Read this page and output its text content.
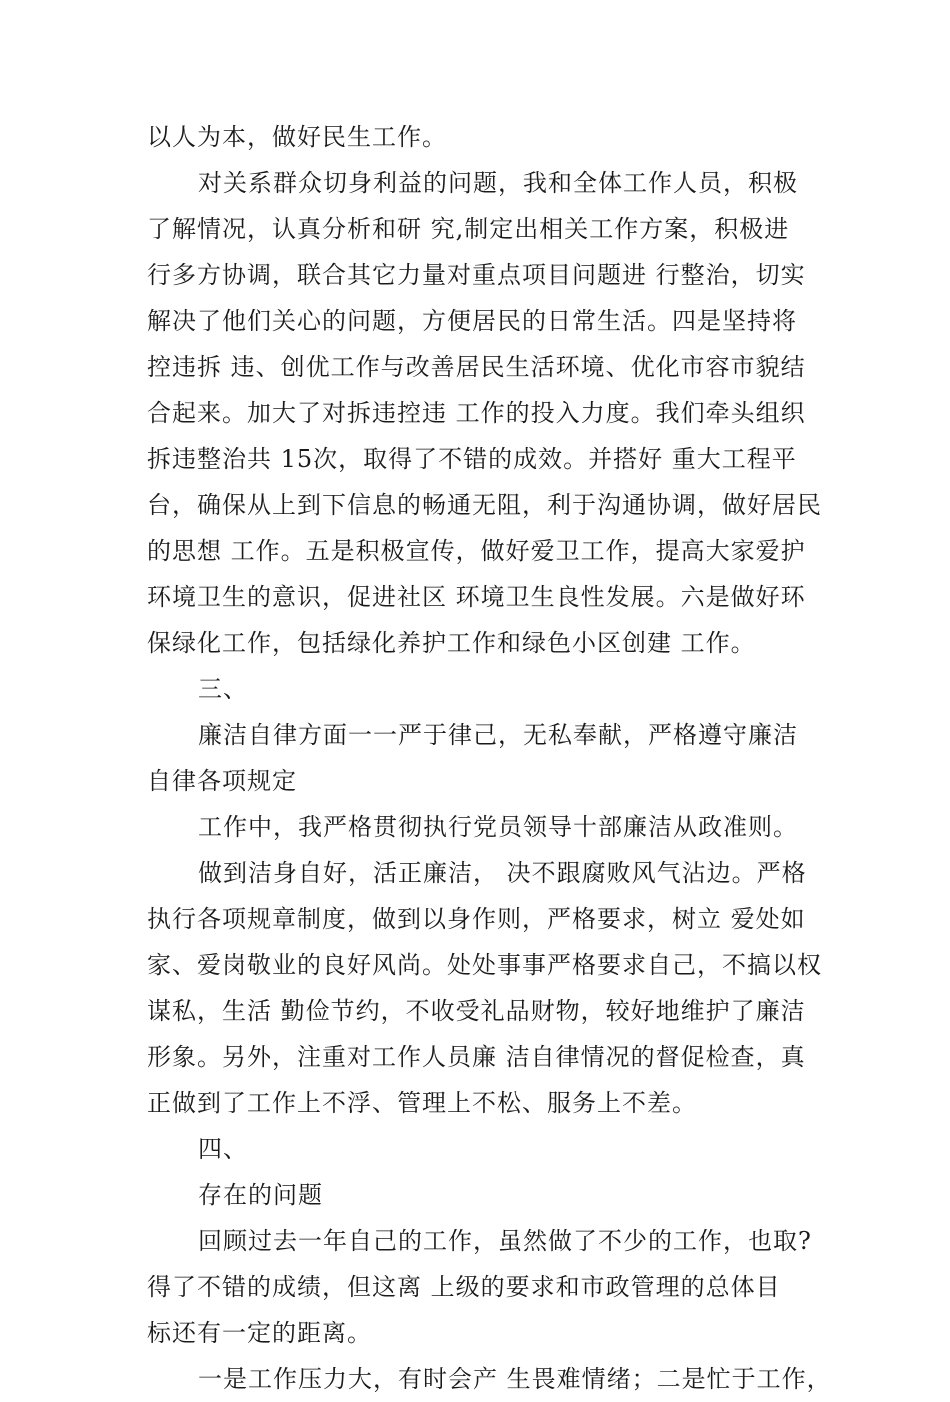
以人为本，做好民生工作。
对关系群众切身利益的问题，我和全体工作人员，积极
了解情况，认真分析和研 究,制定出相关工作方案，积极进
行多方协调，联合其它力量对重点项目问题进 行整治，切实
解决了他们关心的问题，方便居民的日常生活。四是坚持将
控违拆 违、创优工作与改善居民生活环境、优化市容市貌结
合起来。加大了对拆违控违 工作的投入力度。我们牵头组织
拆违整治共 15次，取得了不错的成效。并搭好 重大工程平
台，确保从上到下信息的畅通无阻，利于沟通协调，做好居民
的思想 工作。五是积极宣传，做好爱卫工作，提高大家爱护
环境卫生的意识，促进社区 环境卫生良性发展。六是做好环
保绿化工作，包括绿化养护工作和绿色小区创建 工作。
三、
廉洁自律方面一一严于律己，无私奉献，严格遵守廉洁
自律各项规定
工作中，我严格贯彻执行党员领导十部廉洁从政准则。
做到洁身自好，活正廉洁， 决不跟腐败风气沾边。严格
执行各项规章制度，做到以身作则，严格要求，树立 爱处如
家、爱岗敬业的良好风尚。处处事事严格要求自己，不搞以权
谋私，生活 勤俭节约，不收受礼品财物，较好地维护了廉洁
形象。另外，注重对工作人员廉 洁自律情况的督促检查，真
正做到了工作上不浮、管理上不松、服务上不差。
四、
存在的问题
回顾过去一年自己的工作，虽然做了不少的工作，也取?
得了不错的成绩，但这离 上级的要求和市政管理的总体目
标还有一定的距离。
一是工作压力大，有时会产 生畏难情绪；二是忙于工作，
